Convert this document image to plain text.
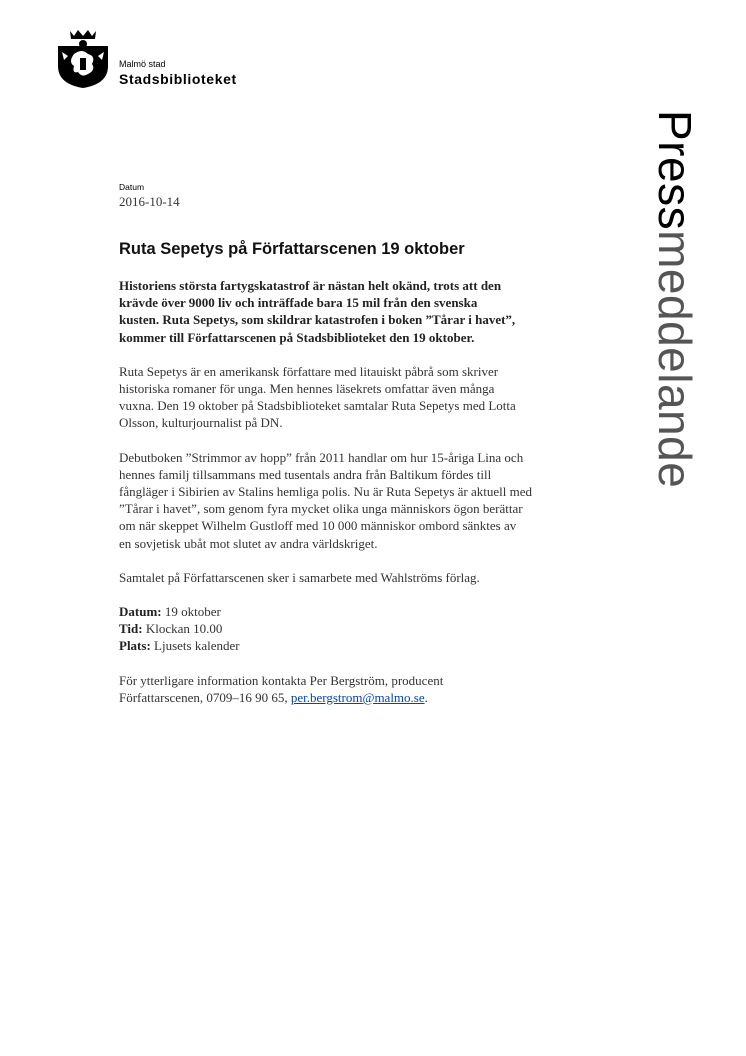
Malmö stad
Stadsbiblioteket
Pressmeddelande
Datum
2016-10-14
Ruta Sepetys på Författarscenen 19 oktober

Historiens största fartygskatastrof är nästan helt okänd, trots att den
krävde över 9000 liv och inträffade bara 15 mil från den svenska
kusten. Ruta Sepetys, som skildrar katastrofen i boken ”Tårar i havet”,
kommer till Författarscenen på Stadsbiblioteket den 19 oktober.

Ruta Sepetys är en amerikansk författare med litauiskt påbrå som skriver
historiska romaner för unga. Men hennes läsekrets omfattar även många
vuxna. Den 19 oktober på Stadsbiblioteket samtalar Ruta Sepetys med Lotta
Olsson, kulturjournalist på DN.

Debutboken ”Strimmor av hopp” från 2011 handlar om hur 15-åriga Lina och
hennes familj tillsammans med tusentals andra från Baltikum fördes till
fångläger i Sibirien av Stalins hemliga polis. Nu är Ruta Sepetys är aktuell med
”Tårar i havet”, som genom fyra mycket olika unga människors ögon berättar
om när skeppet Wilhelm Gustloff med 10 000 människor ombord sänktes av
en sovjetisk ubåt mot slutet av andra världskriget.

Samtalet på Författarscenen sker i samarbete med Wahlströms förlag.

Datum: 19 oktober
Tid: Klockan 10.00
Plats: Ljusets kalender

För ytterligare information kontakta Per Bergström, producent
Författarscenen, 0709–16 90 65, per.bergstrom@malmo.se.
